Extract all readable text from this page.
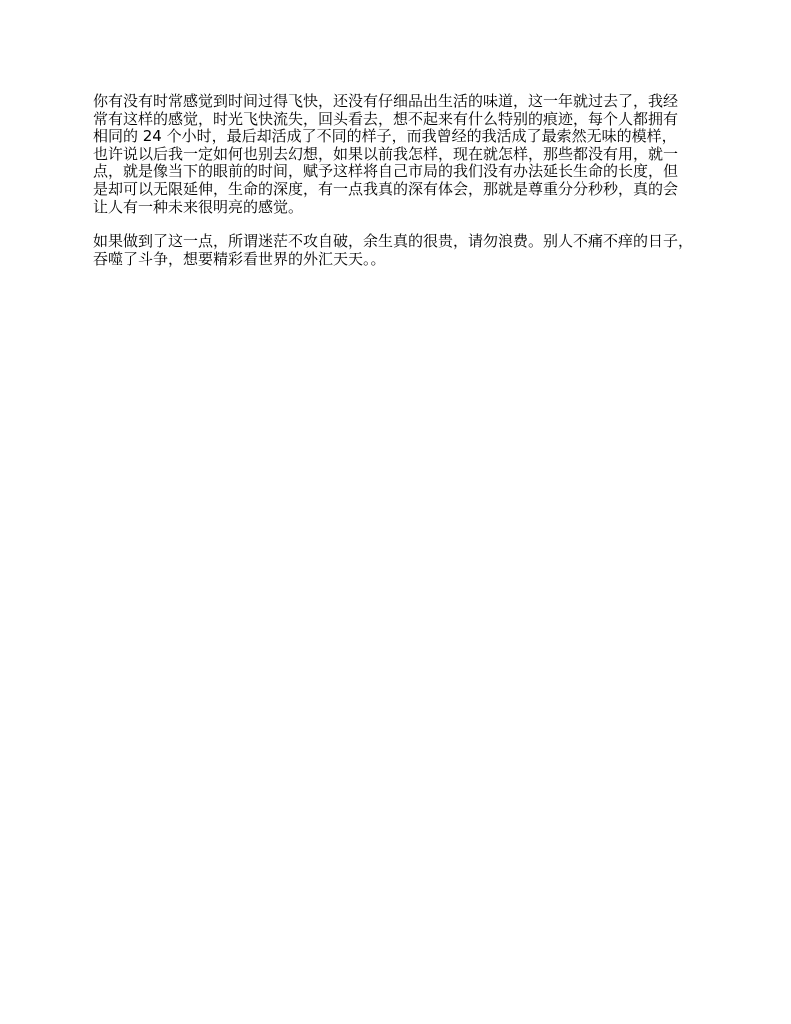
你有没有时常感觉到时间过得飞快，还没有仔细品出生活的味道，这一年就过去了，我经
常有这样的感觉，时光飞快流失，回头看去，想不起来有什么特别的痕迹，每个人都拥有
相同的 24 个小时，最后却活成了不同的样子，而我曾经的我活成了最索然无味的模样，
也许说以后我一定如何也别去幻想，如果以前我怎样，现在就怎样，那些都没有用，就一
点，就是像当下的眼前的时间，赋予这样将自己市局的我们没有办法延长生命的长度，但
是却可以无限延伸，生命的深度，有一点我真的深有体会，那就是尊重分分秒秒，真的会
让人有一种未来很明亮的感觉。

如果做到了这一点，所谓迷茫不攻自破，余生真的很贵，请勿浪费。别人不痛不痒的日子，
吞噬了斗争，想要精彩看世界的外汇天天。。
